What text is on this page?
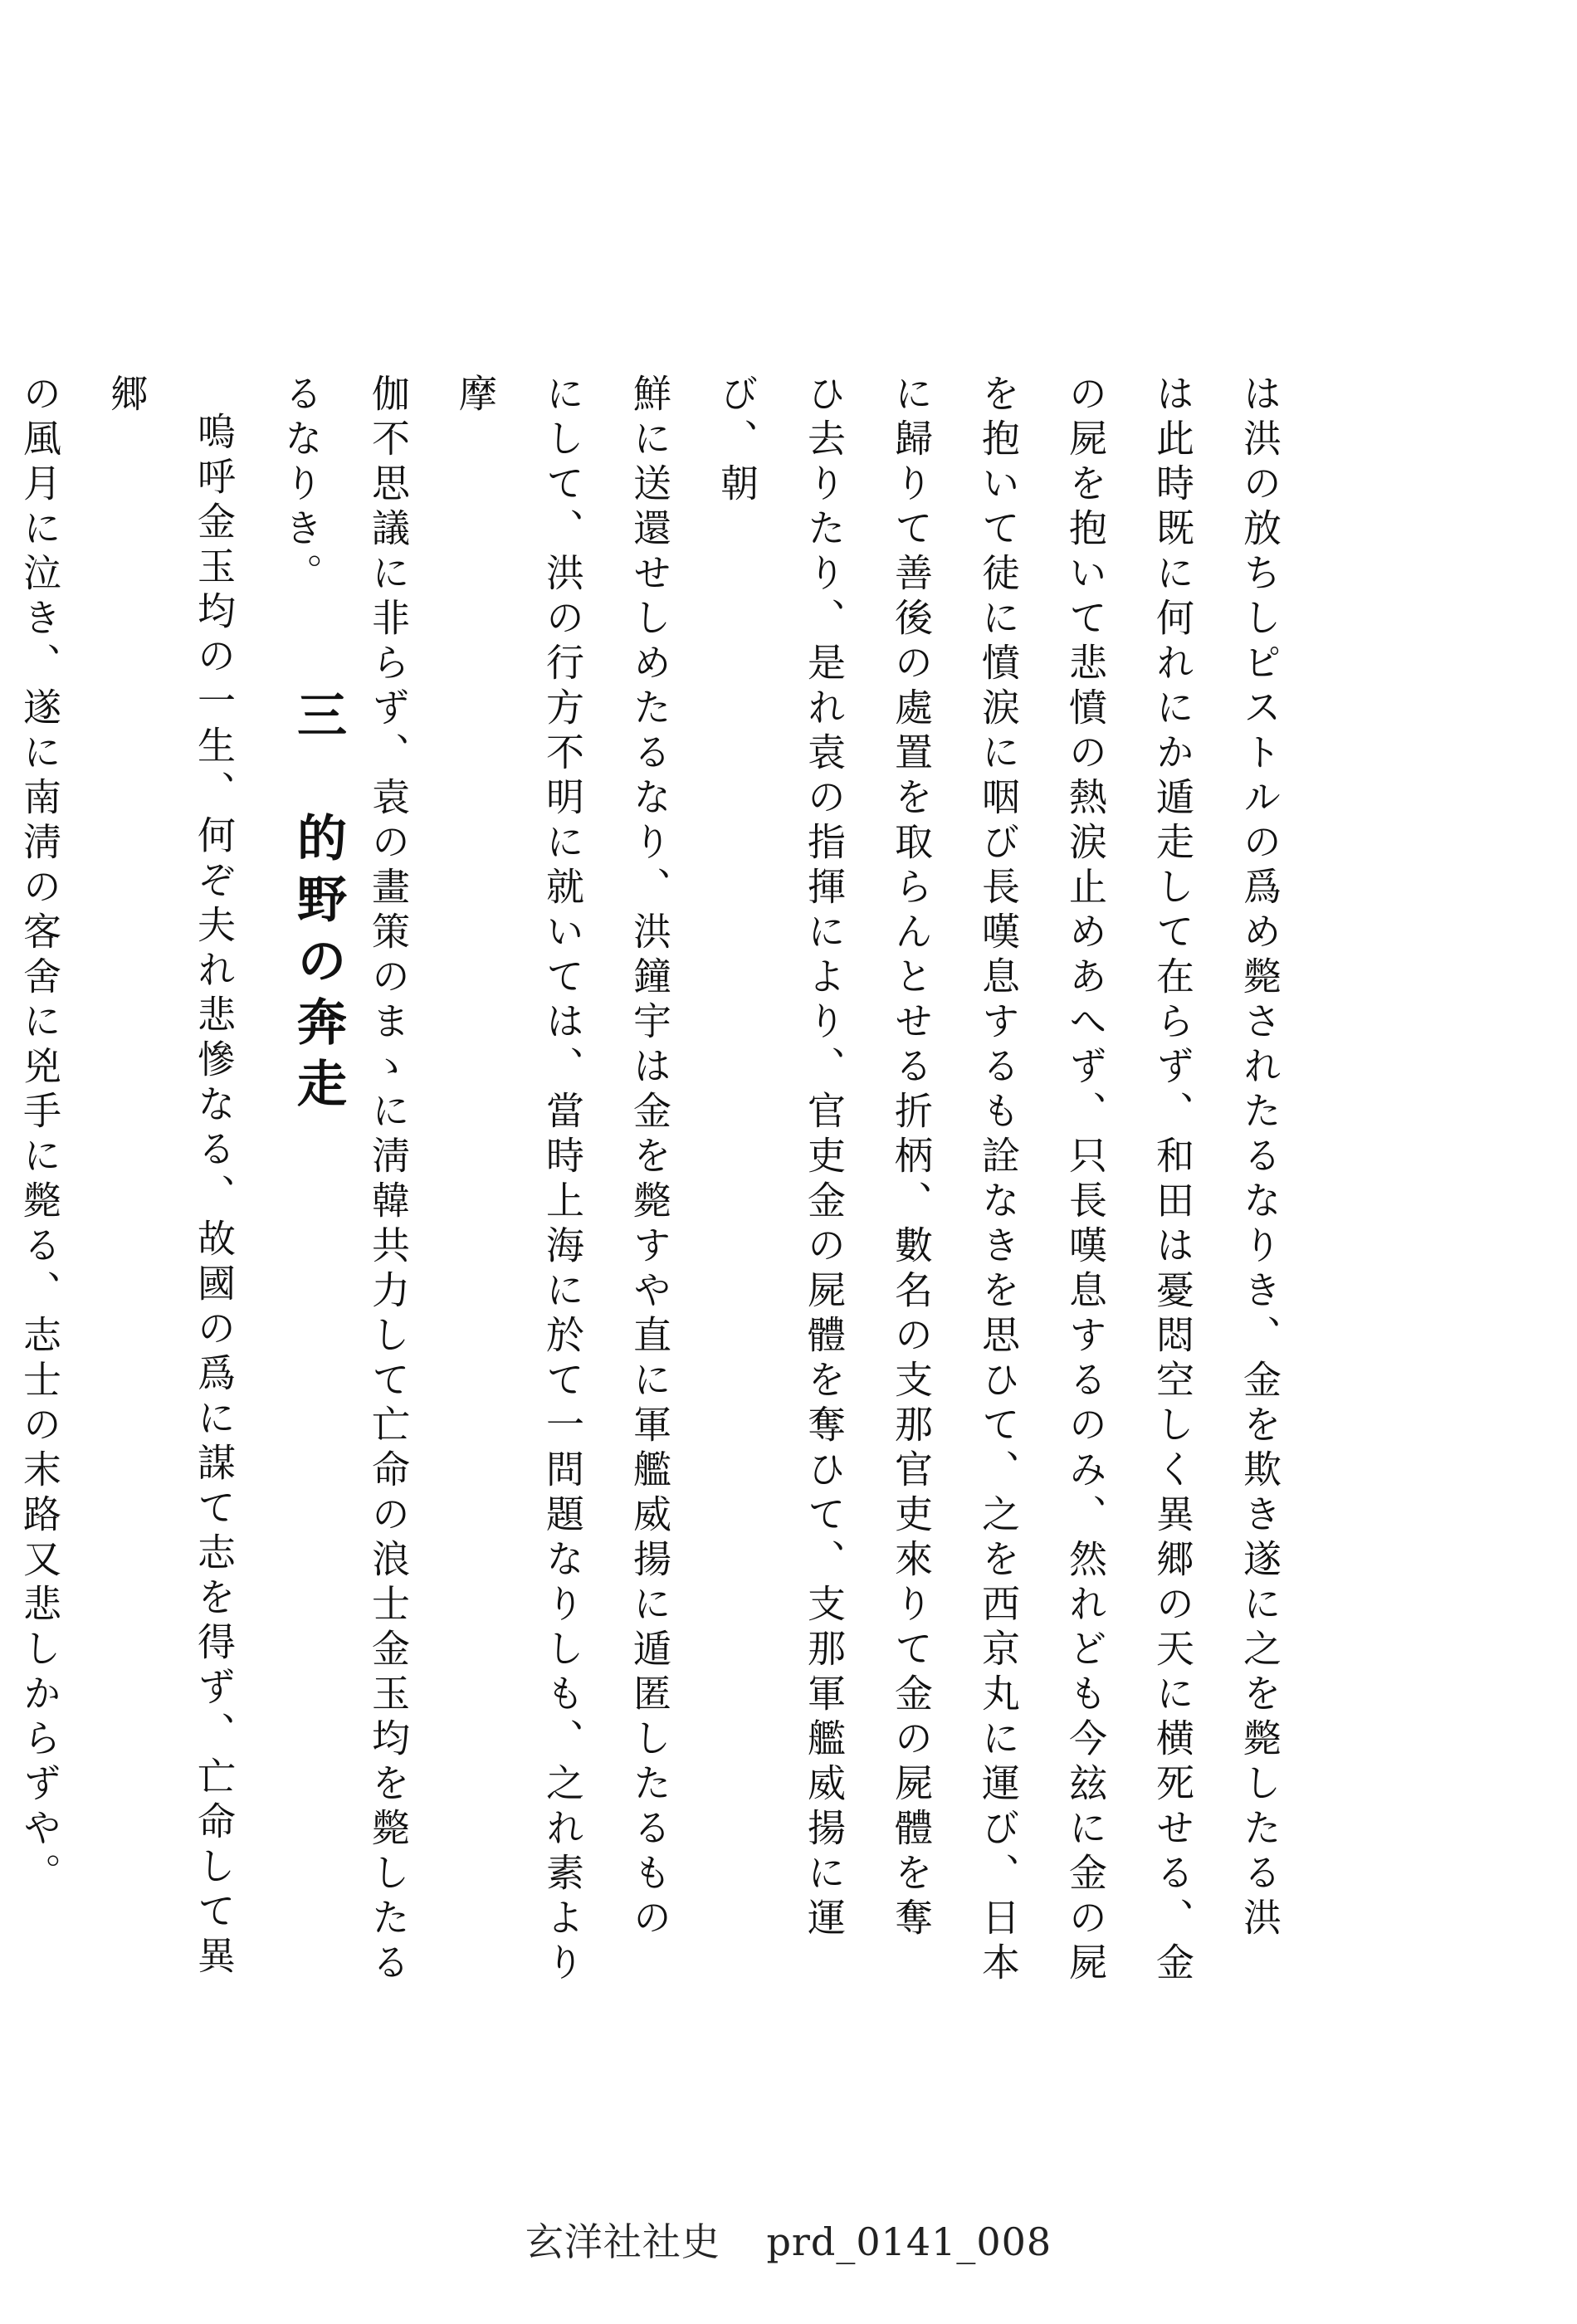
は洪の放ちしピストルの爲め斃されたるなりき、金を欺き遂に之を斃したる洪

は此時既に何れにか遁走して在らず、和田は憂悶空しく異郷の天に横死せる、金

の屍を抱いて悲憤の熱涙止めあへず、只長嘆息するのみ、然れども今玆に金の屍

を抱いて徒に憤涙に咽び長嘆息するも詮なきを思ひて、之を西京丸に運び、日本

に歸りて善後の處置を取らんとせる折柄、數名の支那官吏來りて金の屍體を奪

ひ去りたり、是れ袁の指揮により、官吏金の屍體を奪ひて、支那軍艦威揚に運び、朝

鮮に送還せしめたるなり、洪鐘宇は金を斃すや直に軍艦威揚に遁匿したるもの

にして、洪の行方不明に就いては、當時上海に於て一問題なりしも、之れ素より摩

伽不思議に非らず、袁の畫策のまゝに淸韓共力して亡命の浪士金玉均を斃したる

るなりき。

嗚呼金玉均の一生、何ぞ夫れ悲慘なる、故國の爲に謀て志を得ず、亡命して異郷

の風月に泣き、遂に南淸の客舍に兇手に斃る、志士の末路又悲しからずや。	三　的野の奔走
玄洋社社史 prd_0141_008
